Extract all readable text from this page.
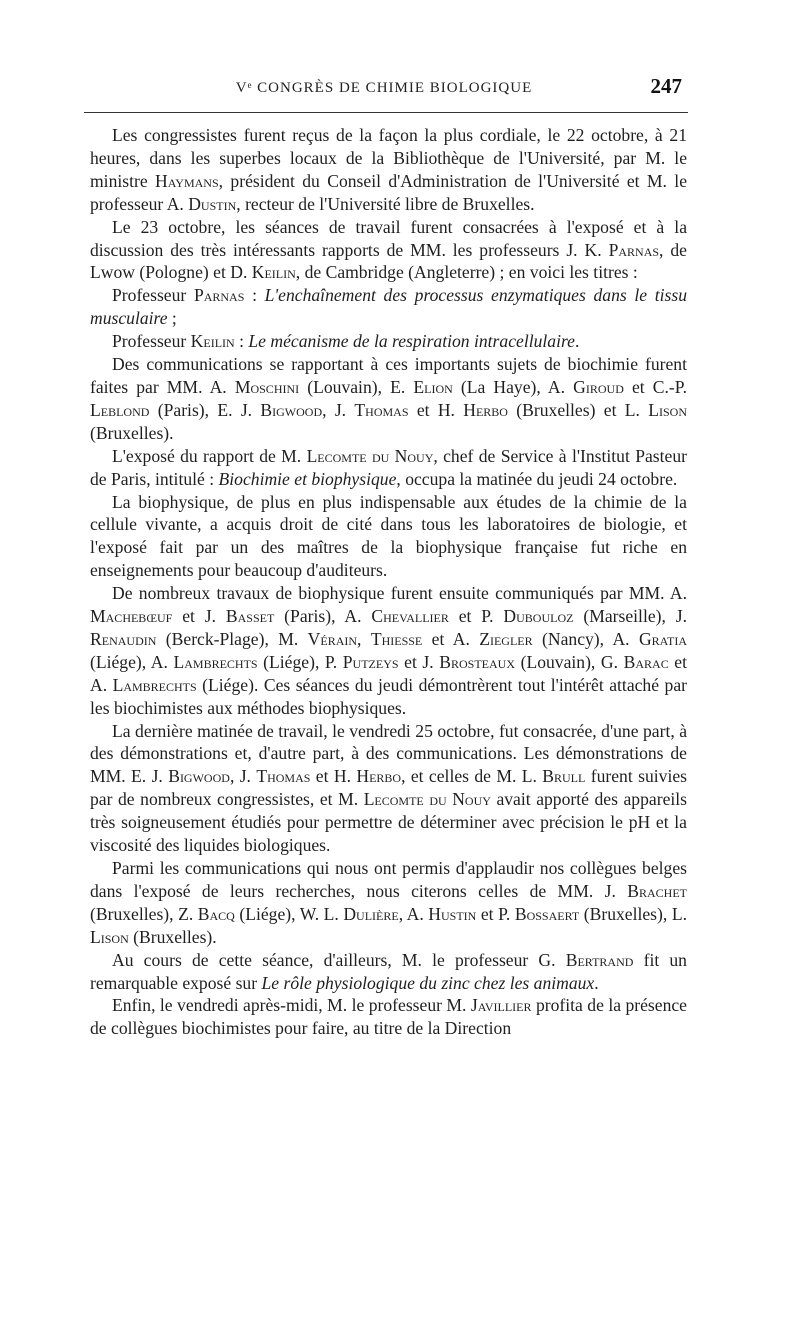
Vᵉ CONGRÈS DE CHIMIE BIOLOGIQUE	247

Les congressistes furent reçus de la façon la plus cordiale, le 22 octobre, à 21 heures, dans les superbes locaux de la Bibliothèque de l'Université, par M. le ministre Haymans, président du Conseil d'Administration de l'Université et M. le professeur A. Dustin, recteur de l'Université libre de Bruxelles.

Le 23 octobre, les séances de travail furent consacrées à l'exposé et à la discussion des très intéressants rapports de MM. les professeurs J. K. Parnas, de Lwow (Pologne) et D. Keilin, de Cambridge (Angleterre) ; en voici les titres :

Professeur Parnas : L'enchaînement des processus enzymatiques dans le tissu musculaire ;

Professeur Keilin : Le mécanisme de la respiration intracellulaire.

Des communications se rapportant à ces importants sujets de biochimie furent faites par MM. A. Moschini (Louvain), E. Elion (La Haye), A. Giroud et C.-P. Leblond (Paris), E. J. Bigwood, J. Thomas et H. Herbo (Bruxelles) et L. Lison (Bruxelles).

L'exposé du rapport de M. Lecomte du Nouy, chef de Service à l'Institut Pasteur de Paris, intitulé : Biochimie et biophysique, occupa la matinée du jeudi 24 octobre.

La biophysique, de plus en plus indispensable aux études de la chimie de la cellule vivante, a acquis droit de cité dans tous les laboratoires de biologie, et l'exposé fait par un des maîtres de la biophysique française fut riche en enseignements pour beaucoup d'auditeurs.

De nombreux travaux de biophysique furent ensuite communiqués par MM. A. Machebœuf et J. Basset (Paris), A. Chevallier et P. Dubouloz (Marseille), J. Renaudin (Berck-Plage), M. Vérain, Thiesse et A. Ziegler (Nancy), A. Gratia (Liége), A. Lambrechts (Liége), P. Putzeys et J. Brosteaux (Louvain), G. Barac et A. Lambrechts (Liége). Ces séances du jeudi démontrèrent tout l'intérêt attaché par les biochimistes aux méthodes biophysiques.

La dernière matinée de travail, le vendredi 25 octobre, fut consacrée, d'une part, à des démonstrations et, d'autre part, à des communications. Les démonstrations de MM. E. J. Bigwood, J. Thomas et H. Herbo, et celles de M. L. Brull furent suivies par de nombreux congressistes, et M. Lecomte du Nouy avait apporté des appareils très soigneusement étudiés pour permettre de déterminer avec précision le pH et la viscosité des liquides biologiques.

Parmi les communications qui nous ont permis d'applaudir nos collègues belges dans l'exposé de leurs recherches, nous citerons celles de MM. J. Brachet (Bruxelles), Z. Bacq (Liége), W. L. Dulière, A. Hustin et P. Bossaert (Bruxelles), L. Lison (Bruxelles).

Au cours de cette séance, d'ailleurs, M. le professeur G. Bertrand fit un remarquable exposé sur Le rôle physiologique du zinc chez les animaux.

Enfin, le vendredi après-midi, M. le professeur M. Javillier profita de la présence de collègues biochimistes pour faire, au titre de la Direction
